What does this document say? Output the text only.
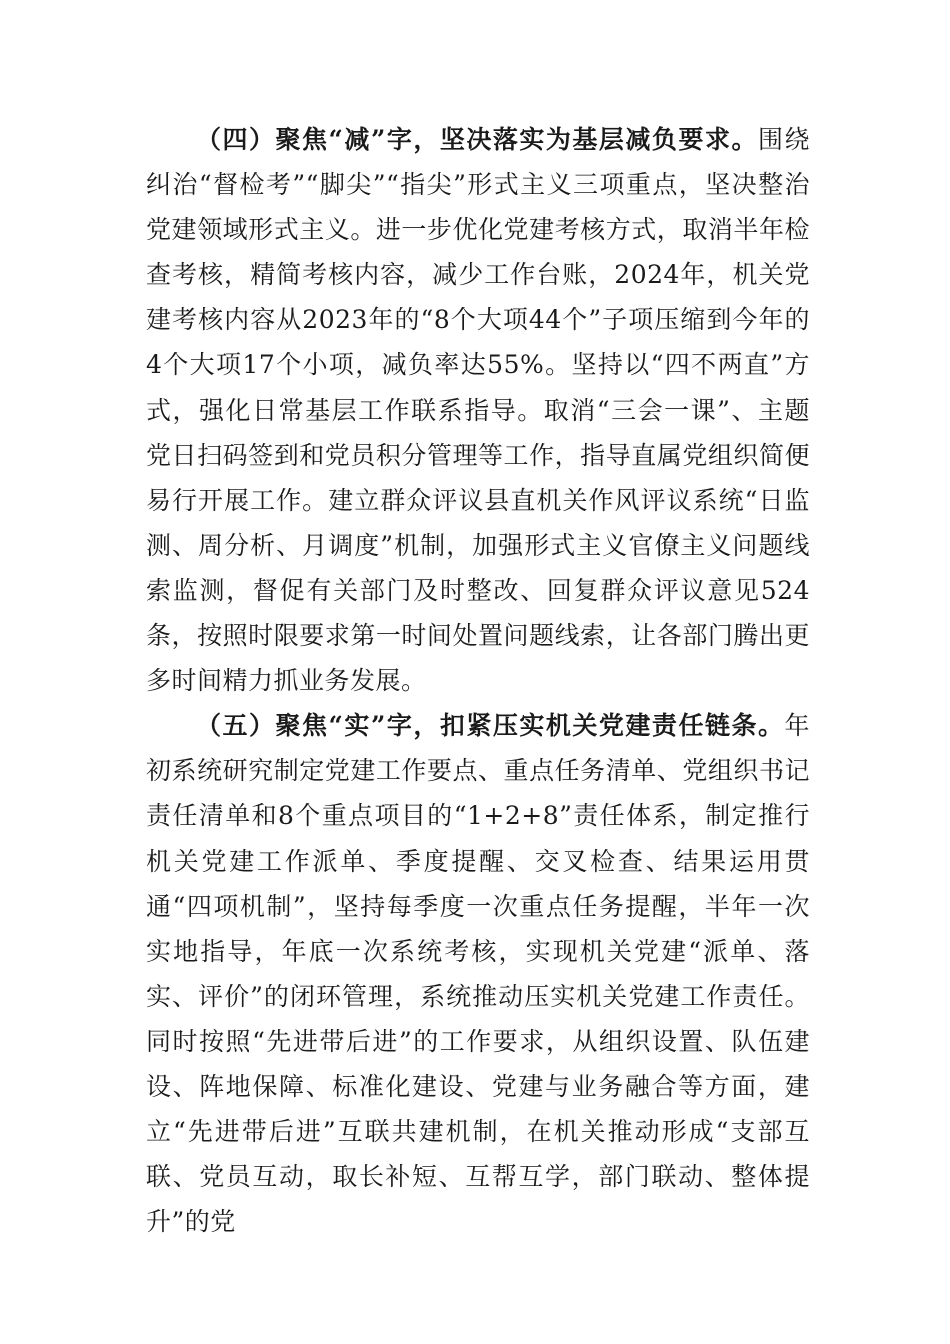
（四）聚焦“减”字，坚决落实为基层减负要求。围绕纠治“督检考”“脚尖”“指尖”形式主义三项重点，坚决整治党建领域形式主义。进一步优化党建考核方式，取消半年检查考核，精简考核内容，减少工作台账，2024年，机关党建考核内容从2023年的“8个大项44个”子项压缩到今年的4个大项17个小项，减负率达55%。坚持以“四不两直”方式，强化日常基层工作联系指导。取消“三会一课”、主题党日扫码签到和党员积分管理等工作，指导直属党组织简便易行开展工作。建立群众评议县直机关作风评议系统“日监测、周分析、月调度”机制，加强形式主义官僚主义问题线索监测，督促有关部门及时整改、回复群众评议意见524条，按照时限要求第一时间处置问题线索，让各部门腾出更多时间精力抓业务发展。

（五）聚焦“实”字，扣紧压实机关党建责任链条。年初系统研究制定党建工作要点、重点任务清单、党组织书记责任清单和8个重点项目的“1+2+8”责任体系，制定推行机关党建工作派单、季度提醒、交叉检查、结果运用贯通“四项机制”，坚持每季度一次重点任务提醒，半年一次实地指导，年底一次系统考核，实现机关党建“派单、落实、评价”的闭环管理，系统推动压实机关党建工作责任。同时按照“先进带后进”的工作要求，从组织设置、队伍建设、阵地保障、标准化建设、党建与业务融合等方面，建立“先进带后进”互联共建机制，在机关推动形成“支部互联、党员互动，取长补短、互帮互学，部门联动、整体提升”的党
